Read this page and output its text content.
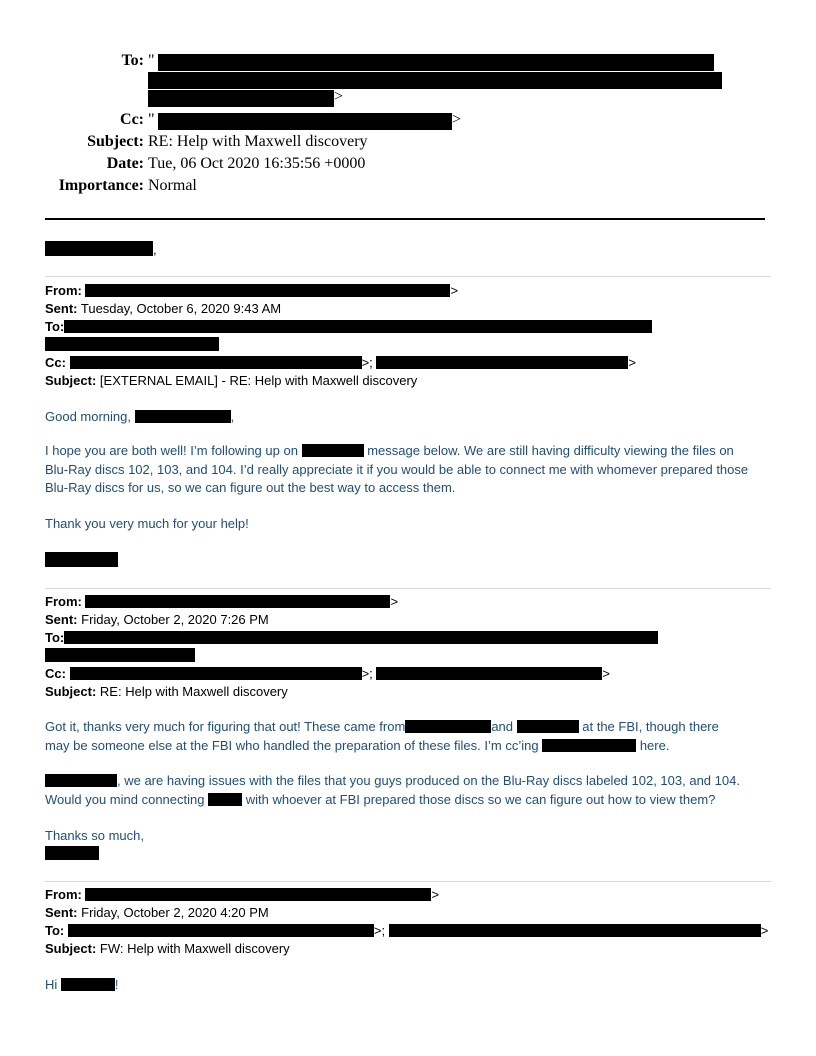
To: "
>
Cc: "	>
Subject: RE: Help with Maxwell discovery
Date: Tue, 06 Oct 2020 16:35:56 +0000
Importance: Normal
,
From:	>
Sent: Tuesday, October 6, 2020 9:43 AM
To:
Cc:	>;	>
Subject: [EXTERNAL EMAIL] - RE: Help with Maxwell discovery
Good morning,	,
I hope you are both well! I’m following up on	message below. We are still having difficulty viewing the files on
Blu-Ray discs 102, 103, and 104. I’d really appreciate it if you would be able to connect me with whomever prepared those
Blu-Ray discs for us, so we can figure out the best way to access them.
Thank you very much for your help!
From:	>
Sent: Friday, October 2, 2020 7:26 PM
To:
Cc:	>;	>
Subject: RE: Help with Maxwell discovery
Got it, thanks very much for figuring that out! These came from	and	at the FBI, though there
may be someone else at the FBI who handled the preparation of these files. I’m cc’ing	here.
, we are having issues with the files that you guys produced on the Blu-Ray discs labeled 102, 103, and 104.
Would you mind connecting	with whoever at FBI prepared those discs so we can figure out how to view them?
Thanks so much,
From:	>
Sent: Friday, October 2, 2020 4:20 PM
To:	>;	>
Subject: FW: Help with Maxwell discovery
Hi	!
